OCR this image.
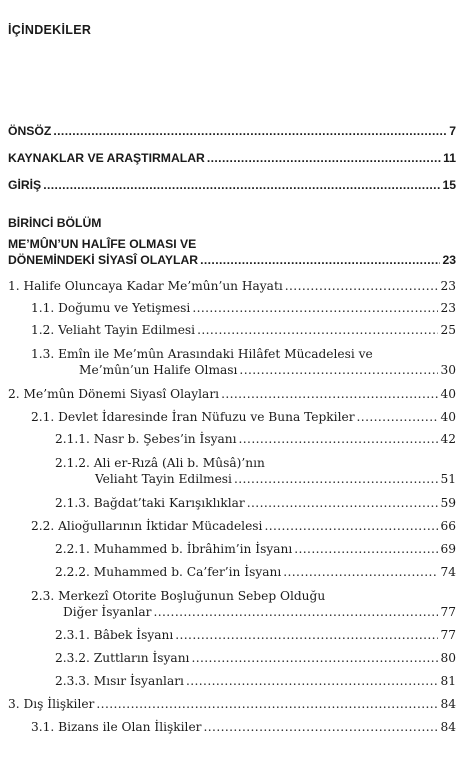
İÇİNDEKİLER
ÖNSÖZ .....	7
KAYNAKLAR VE ARAŞTIRMALAR .....	11
GİRİŞ .....	15
BİRİNCİ BÖLÜM
ME’MÛN’UN HALÎFE OLMASI VE
DÖNEMİNDEKİ SİYASÎ OLAYLAR .....	23
1. Halife Oluncaya Kadar Me’mûn’un Hayatı .....	23
1.1. Doğumu ve Yetişmesi .....	23
1.2. Veliaht Tayin Edilmesi .....	25
1.3. Emîn ile Me’mûn Arasındaki Hilâfet Mücadelesi ve
Me’mûn’un Halife Olması .....	30
2. Me’mûn Dönemi Siyasî Olayları .....	40
2.1. Devlet İdaresinde İran Nüfuzu ve Buna Tepkiler .....	40
2.1.1. Nasr b. Şebes’in İsyanı .....	42
2.1.2. Ali er-Rızâ (Ali b. Mûsâ)’nın
Veliaht Tayin Edilmesi .....	51
2.1.3. Bağdat’taki Karışıklıklar .....	59
2.2. Alioğullarının İktidar Mücadelesi .....	66
2.2.1. Muhammed b. İbrâhim’in İsyanı .....	69
2.2.2. Muhammed b. Ca’fer’in İsyanı .....	74
2.3. Merkezî Otorite Boşluğunun Sebep Olduğu
Diğer İsyanlar .....	77
2.3.1. Bâbek İsyanı .....	77
2.3.2. Zuttların İsyanı .....	80
2.3.3. Mısır İsyanları .....	81
3. Dış İlişkiler .....	84
3.1. Bizans ile Olan İlişkiler .....	84
